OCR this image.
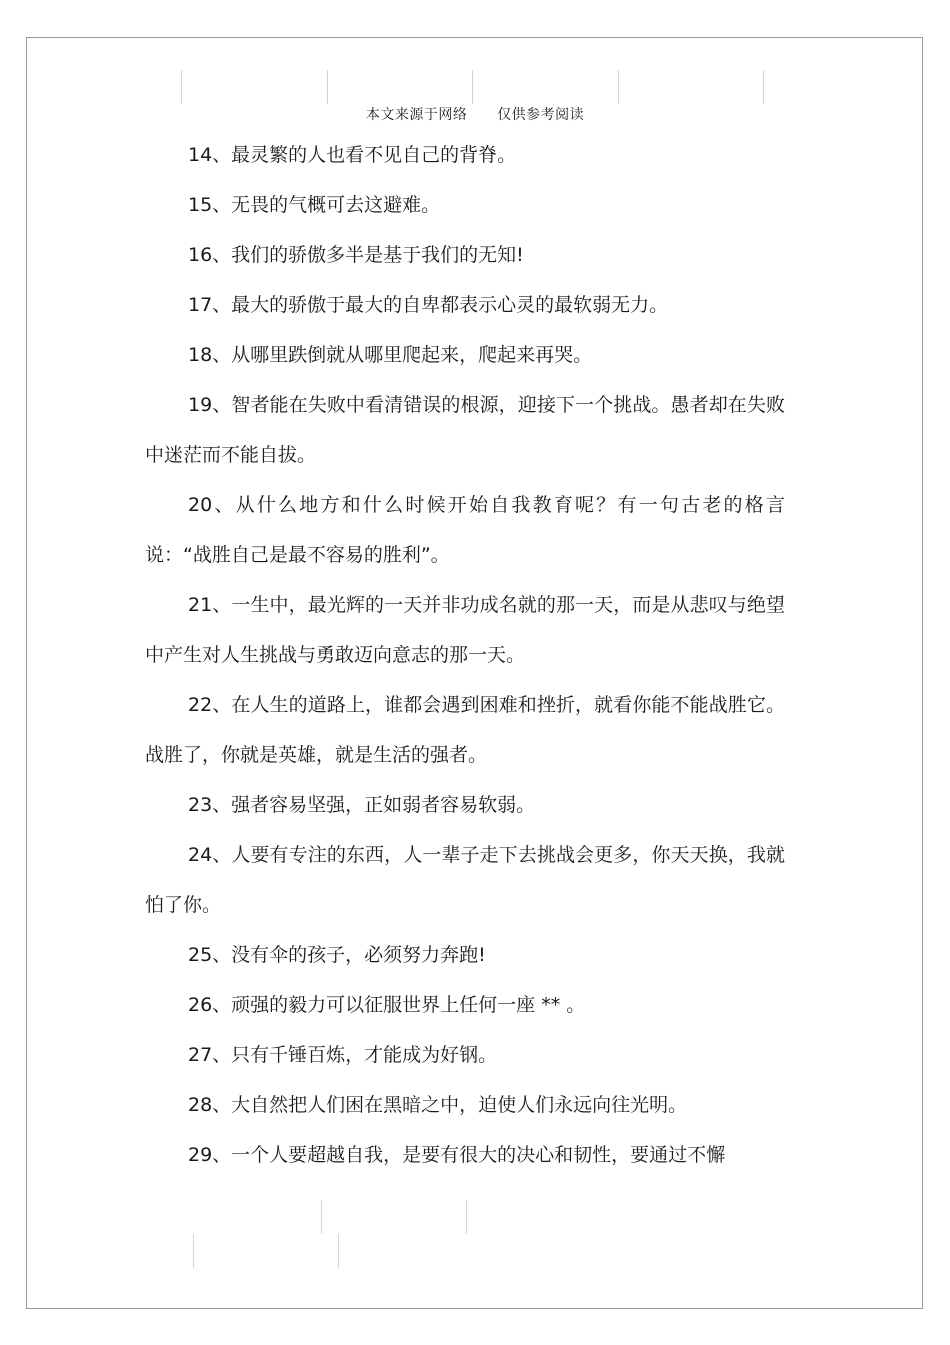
本文来源于网络      仅供参考阅读

14、最灵繁的人也看不见自己的背脊。

15、无畏的气概可去这避难。

16、我们的骄傲多半是基于我们的无知!

17、最大的骄傲于最大的自卑都表示心灵的最软弱无力。

18、从哪里跌倒就从哪里爬起来，爬起来再哭。

19、智者能在失败中看清错误的根源，迎接下一个挑战。愚者却在失败中迷茫而不能自拔。

20、从什么地方和什么时候开始自我教育呢？有一句古老的格言说：“战胜自己是最不容易的胜利”。

21、一生中，最光辉的一天并非功成名就的那一天，而是从悲叹与绝望中产生对人生挑战与勇敢迈向意志的那一天。

22、在人生的道路上，谁都会遇到困难和挫折，就看你能不能战胜它。战胜了，你就是英雄，就是生活的强者。

23、强者容易坚强，正如弱者容易软弱。

24、人要有专注的东西，人一辈子走下去挑战会更多，你天天换，我就怕了你。

25、没有伞的孩子，必须努力奔跑!

26、顽强的毅力可以征服世界上任何一座 ** 。

27、只有千锤百炼，才能成为好钢。

28、大自然把人们困在黑暗之中，迫使人们永远向往光明。

29、一个人要超越自我，是要有很大的决心和韧性，要通过不懈
